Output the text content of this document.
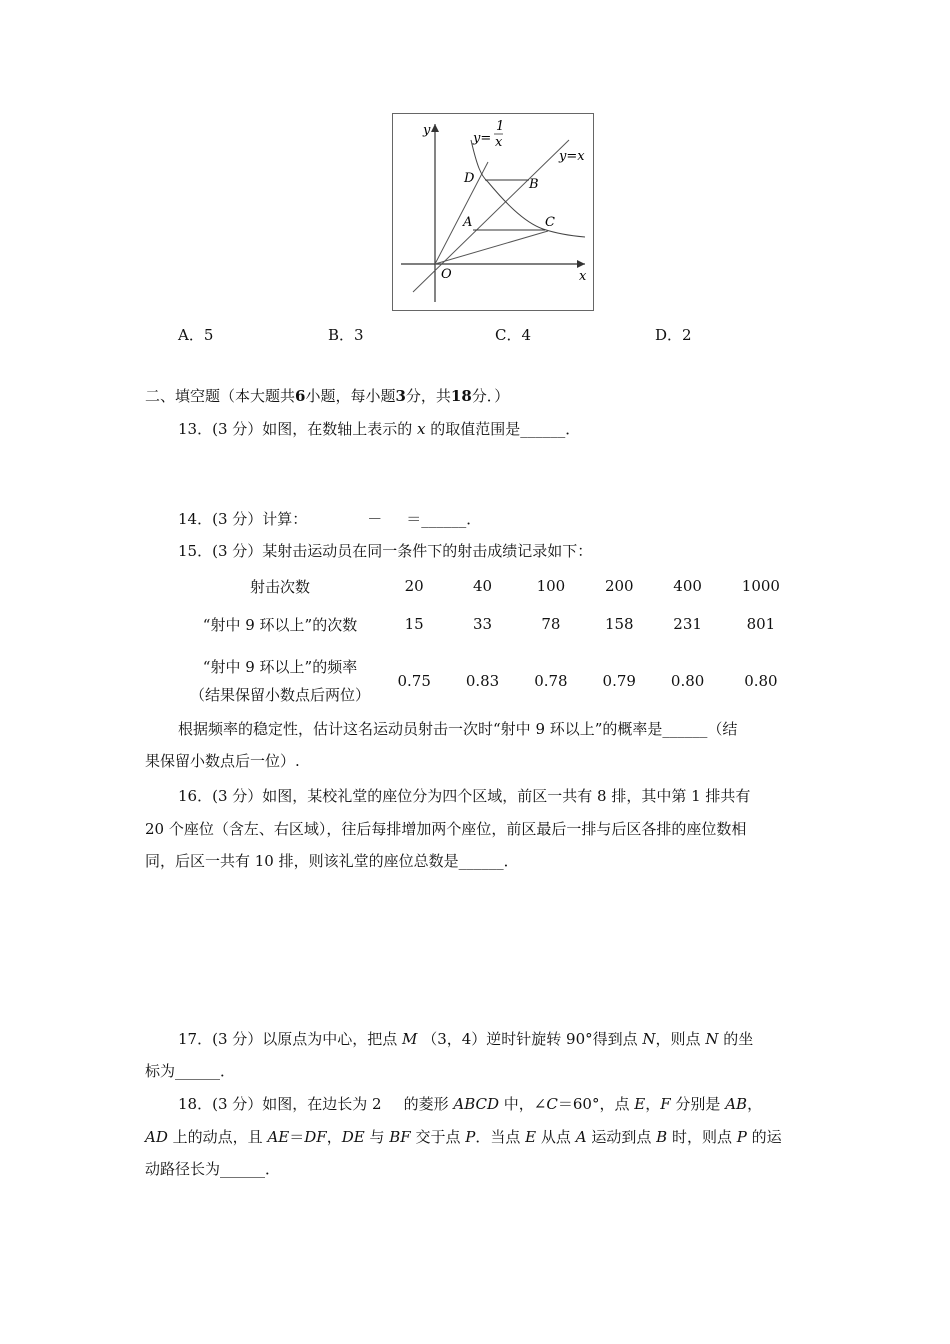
y
x
O
y=
1
x
y=x
A
B
C
D
A．5	B．3	C．4	D．2
二、填空题（本大题共6小题，每小题3分，共18分．）
13．(3 分）如图，在数轴上表示的 x 的取值范围是______．
14．(3 分）计算：	－ ＝______．
15．(3 分）某射击运动员在同一条件下的射击成绩记录如下：
射击次数	20	40	100	200	400	1000
“射中 9 环以上”的次数	15	33	78	158	231	801

“射中 9 环以上”的频率
（结果保留小数点后两位）	0.75	0.83	0.78	0.79	0.80	0.80
根据频率的稳定性，估计这名运动员射击一次时“射中 9 环以上”的概率是______（结
果保留小数点后一位）.
16．(3 分）如图，某校礼堂的座位分为四个区域，前区一共有 8 排，其中第 1 排共有
20 个座位（含左、右区域），往后每排增加两个座位，前区最后一排与后区各排的座位数相
同，后区一共有 10 排，则该礼堂的座位总数是______．
17．(3 分）以原点为中心，把点 M （3，4）逆时针旋转 90°得到点 N，则点 N 的坐
标为______．
18．(3 分）如图，在边长为 2 的菱形 ABCD 中，∠C＝60°，点 E，F 分别是 AB，
AD 上的动点，且 AE＝DF，DE 与 BF 交于点 P．当点 E 从点 A 运动到点 B 时，则点 P 的运
动路径长为______．
